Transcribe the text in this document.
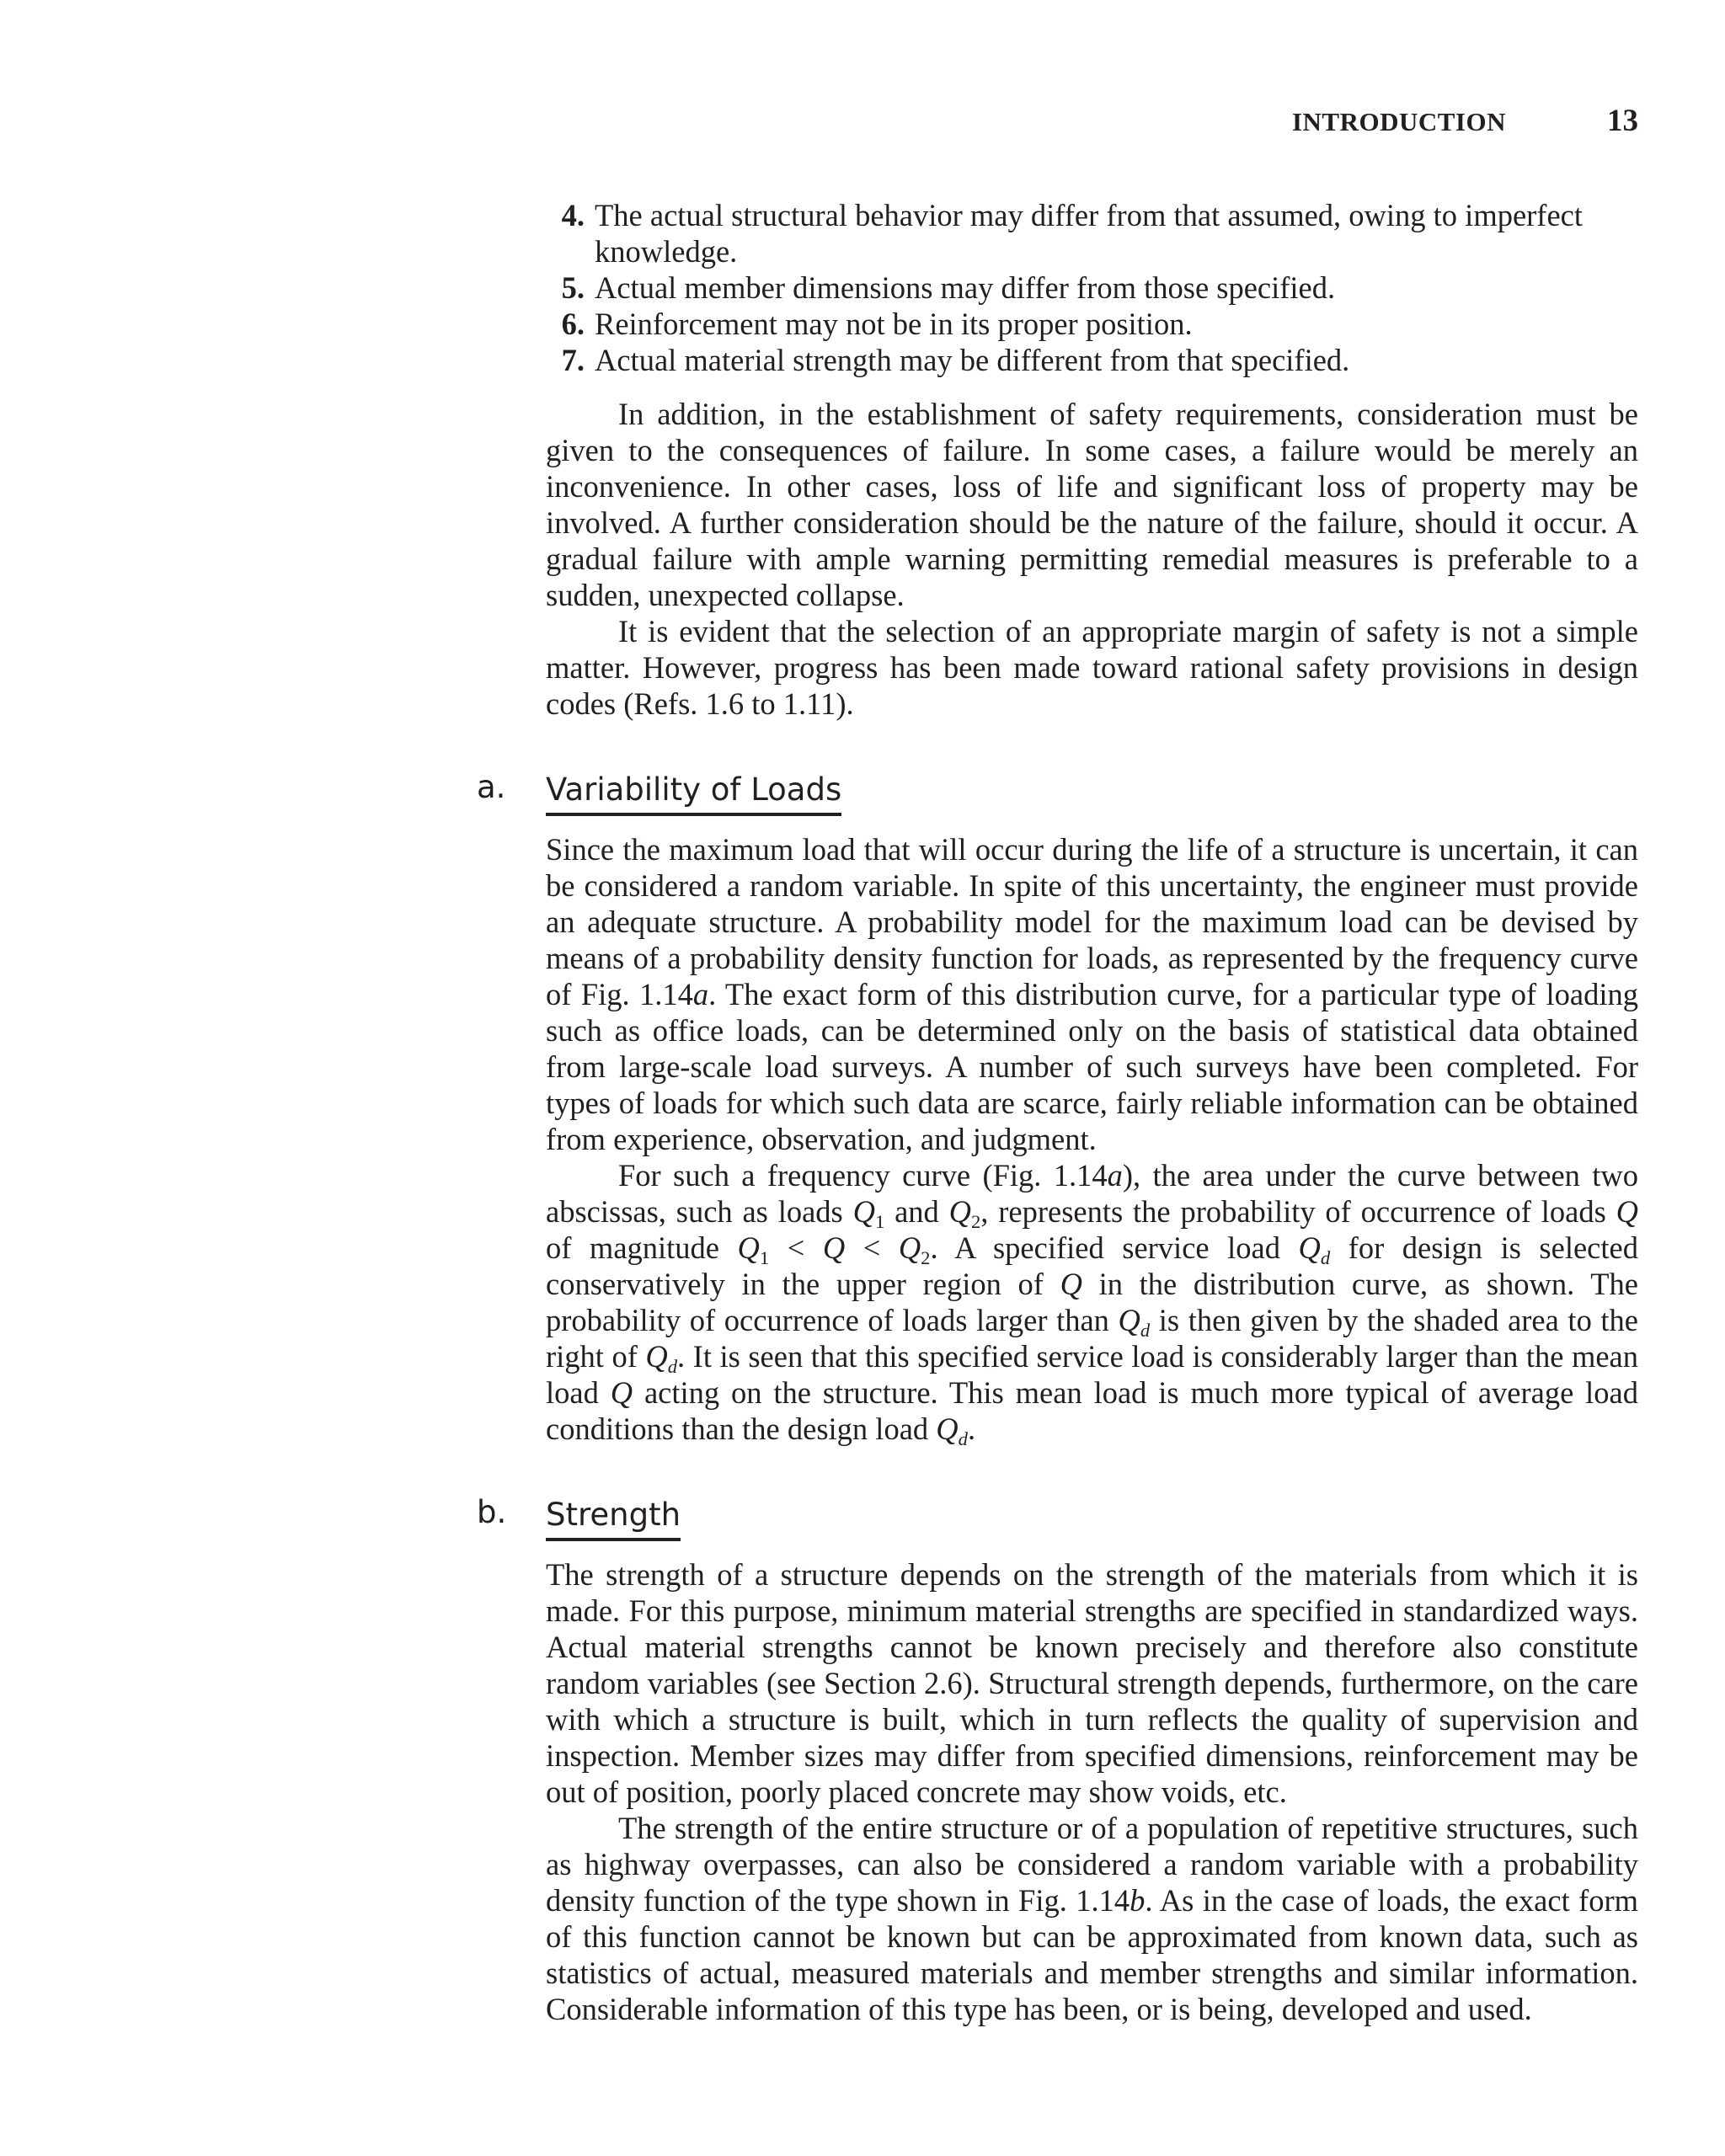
INTRODUCTION	13
4. The actual structural behavior may differ from that assumed, owing to imperfect knowledge.
5. Actual member dimensions may differ from those specified.
6. Reinforcement may not be in its proper position.
7. Actual material strength may be different from that specified.

In addition, in the establishment of safety requirements, consideration must be given to the consequences of failure. In some cases, a failure would be merely an inconvenience. In other cases, loss of life and significant loss of property may be involved. A further consideration should be the nature of the failure, should it occur. A gradual failure with ample warning permitting remedial measures is preferable to a sudden, unexpected collapse.

It is evident that the selection of an appropriate margin of safety is not a simple matter. However, progress has been made toward rational safety provisions in design codes (Refs. 1.6 to 1.11).

a. Variability of Loads

Since the maximum load that will occur during the life of a structure is uncertain, it can be considered a random variable. In spite of this uncertainty, the engineer must provide an adequate structure. A probability model for the maximum load can be devised by means of a probability density function for loads, as represented by the frequency curve of Fig. 1.14a. The exact form of this distribution curve, for a particular type of loading such as office loads, can be determined only on the basis of statistical data obtained from large-scale load surveys. A number of such surveys have been completed. For types of loads for which such data are scarce, fairly reliable information can be obtained from experience, observation, and judgment.

For such a frequency curve (Fig. 1.14a), the area under the curve between two abscissas, such as loads $Q_1$ and $Q_2$, represents the probability of occurrence of loads Q of magnitude $Q_1 < Q < Q_2$. A specified service load $Q_d$ for design is selected conservatively in the upper region of Q in the distribution curve, as shown. The probability of occurrence of loads larger than $Q_d$ is then given by the shaded area to the right of $Q_d$. It is seen that this specified service load is considerably larger than the mean load Q acting on the structure. This mean load is much more typical of average load conditions than the design load $Q_d$.

b. Strength

The strength of a structure depends on the strength of the materials from which it is made. For this purpose, minimum material strengths are specified in standardized ways. Actual material strengths cannot be known precisely and therefore also constitute random variables (see Section 2.6). Structural strength depends, furthermore, on the care with which a structure is built, which in turn reflects the quality of supervision and inspection. Member sizes may differ from specified dimensions, reinforcement may be out of position, poorly placed concrete may show voids, etc.

The strength of the entire structure or of a population of repetitive structures, such as highway overpasses, can also be considered a random variable with a probability density function of the type shown in Fig. 1.14b. As in the case of loads, the exact form of this function cannot be known but can be approximated from known data, such as statistics of actual, measured materials and member strengths and similar information. Considerable information of this type has been, or is being, developed and used.
